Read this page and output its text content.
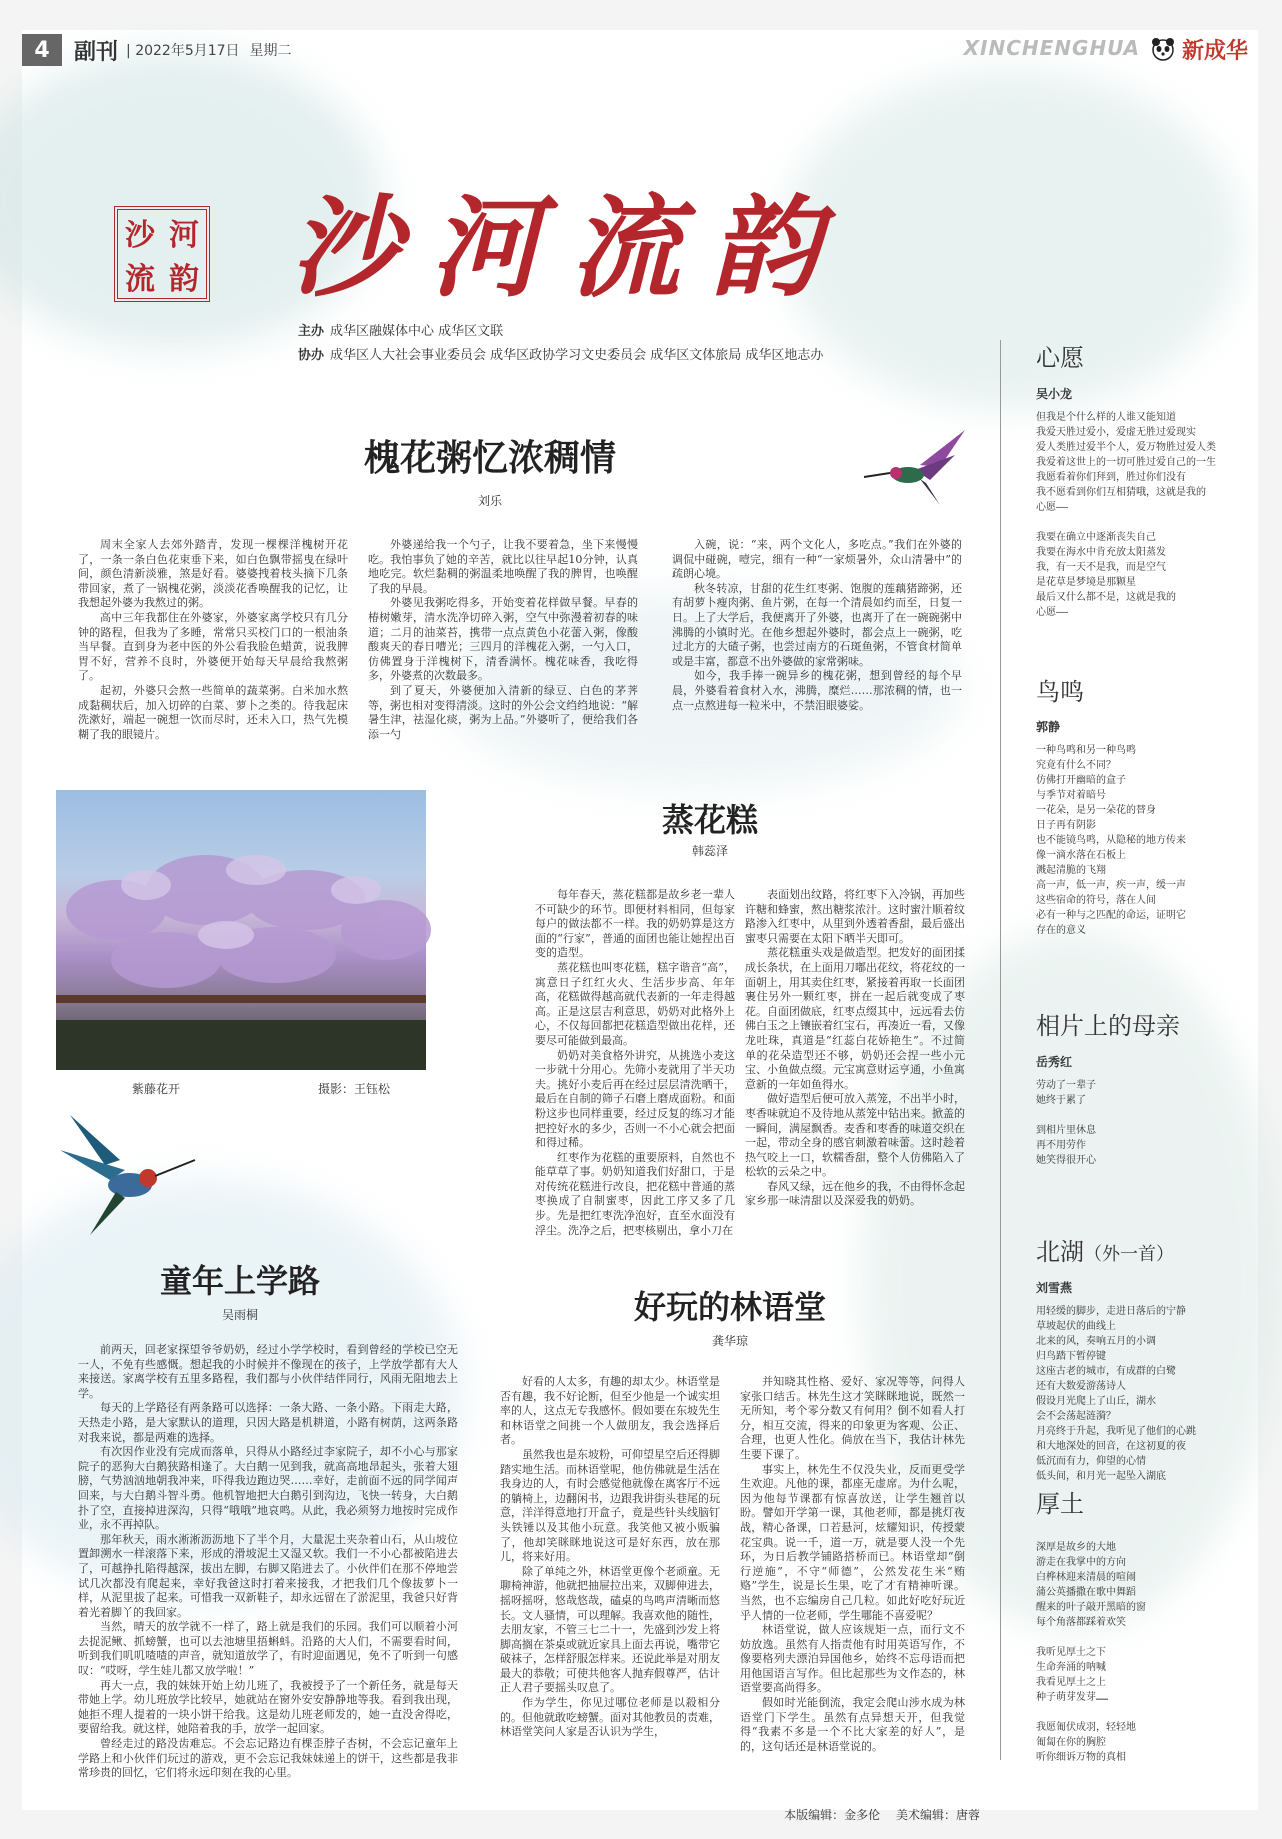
4	副刊 | 2022年5月17日 星期二	XINCHENGHUA 新成华
沙河流韵
沙 河
流 韵
主办 成华区融媒体中心 成华区文联
协办 成华区人大社会事业委员会 成华区政协学习文史委员会 成华区文体旅局 成华区地志办
槐花粥忆浓稠情
刘乐

周末全家人去郊外踏青，发现一棵棵洋槐树开花了，一条一条白色花束垂下来，如白色飘带摇曳在绿叶间，颜色清新淡雅，煞是好看。婆婆拽着枝头摘下几条带回家，煮了一锅槐花粥，淡淡花香唤醒我的记忆，让我想起外婆为我熬过的粥。

高中三年我都住在外婆家，外婆家离学校只有几分钟的路程，但我为了多睡，常常只买校门口的一根油条当早餐。直到身为老中医的外公看我脸色蜡黄，说我脾胃不好，营养不良时，外婆便开始每天早晨给我熬粥了。

起初，外婆只会熬一些简单的蔬菜粥。白米加水熬成黏稠状后，加入切碎的白菜、萝卜之类的。待我起床洗漱好，端起一碗想一饮而尽时，还未入口，热气先模糊了我的眼镜片。

外婆递给我一个勺子，让我不要着急，坐下来慢慢吃。我怕事负了她的辛苦，就比以往早起10分钟，认真地吃完。软烂黏稠的粥温柔地唤醒了我的脾胃，也唤醒了我的早晨。

外婆见我粥吃得多，开始变着花样做早餐。早春的椿树嫩芽，清水洗净切碎入粥，空气中弥漫着初春的味道；二月的油菜苔，携带一点点黄色小花蕾入粥，像酸酸爽天的春日嘈光；三四月的洋槐花入粥，一勺入口，仿佛置身于洋槐树下，清香满怀。槐花味香，我吃得多，外婆煮的次数最多。

到了夏天，外婆便加入清新的绿豆、白色的茅荠等，粥也相对变得清淡。这时的外公会文绉绉地说：“解暑生津，祛湿化痰，粥为上品。”外婆听了，便给我们各添一勺

入碗，说：“来，两个文化人，多吃点。”我们在外婆的调侃中碰碗，噎完，细有一种“一家烦暑外，众山清暑中”的疏朗心境。

秋冬转凉，甘甜的花生红枣粥、饱腹的莲藕猪蹄粥，还有胡萝卜瘦肉粥、鱼片粥，在每一个清晨如约而至，日复一日。上了大学后，我便离开了外婆，也离开了在一碗碗粥中沸腾的小镇时光。在他乡想起外婆时，都会点上一碗粥，吃过北方的大碴子粥，也尝过南方的石斑鱼粥，不管食材简单或是丰富，都意不出外婆做的家常粥味。

如今，我手捧一碗异乡的槐花粥，想到曾经的每个早晨，外婆看着食材入水，沸腾，糜烂……那浓稠的情，也一点一点熬进每一粒米中，不禁泪眼婆娑。

紫藤花开	摄影：王钰松
蒸花糕
韩蕊泽

每年春天，蒸花糕都是故乡老一辈人不可缺少的环节。即便材料相同，但每家每户的做法都不一样。我的奶奶算是这方面的“行家”，普通的面团也能让她捏出百变的造型。

蒸花糕也叫枣花糕，糕字谐音“高”，寓意日子红红火火、生活步步高、年年高，花糕做得越高就代表新的一年走得越高。正是这层吉利意思，奶奶对此格外上心，不仅每回都把花糕造型做出花样，还要尽可能做到最高。

奶奶对美食格外讲究，从挑选小麦这一步就十分用心。先筛小麦就用了半天功夫。挑好小麦后再在经过层层清洗晒干，最后在自制的筛子石磨上磨成面粉。和面粉这步也同样重要，经过反复的练习才能把控好水的多少，否则一不小心就会把面和得过稀。

红枣作为花糕的重要原料，自然也不能草草了事。奶奶知道我们好甜口，于是对传统花糕进行改良，把花糕中普通的蒸枣换成了自制蜜枣，因此工序又多了几步。先是把红枣洗净泡好，直至水面没有浮尘。洗净之后，把枣核剔出，拿小刀在

表面划出纹路，将红枣下入冷锅，再加些许糖和蜂蜜，熬出糖浆浓汁。这时蜜汁顺着纹路渗入红枣中，从里到外透着香甜，最后盛出蜜枣只需要在太阳下晒半天即可。

蒸花糕重头戏是做造型。把发好的面团揉成长条状，在上面用刀嘟出花纹，将花纹的一面朝上，用其卖住红枣，紧接着再取一长面团裹住另外一颗红枣，拼在一起后就变成了枣花。自面团做底，红枣点缀其中，远远看去仿佛白玉之上镶嵌着红宝石，再凑近一看，又像龙吐珠，真道是“红蕊白花娇艳生”。不过简单的花朵造型还不够，奶奶还会捏一些小元宝、小鱼做点缀。元宝寓意财运亨通，小鱼寓意新的一年如鱼得水。

做好造型后便可放入蒸笼，不出半小时，枣香味就迫不及待地从蒸笼中钻出来。掀盖的一瞬间，满屋飘香。麦香和枣香的味道交织在一起，带动全身的感官刺激着味蕾。这时趁着热气咬上一口，软糯香甜，整个人仿佛陷入了松软的云朵之中。

春风又绿，远在他乡的我，不由得怀念起家乡那一味清甜以及深爱我的奶奶。

童年上学路
吴雨桐

前两天，回老家探望爷爷奶奶，经过小学学校时，看到曾经的学校已空无一人，不免有些感慨。想起我的小时候并不像现在的孩子，上学放学都有大人来接送。家离学校有五里多路程，我们都与小伙伴结伴同行，风雨无阻地去上学。

每天的上学路径有两条路可以选择：一条大路、一条小路。下雨走大路，天热走小路，是大家默认的道理，只因大路是机耕道，小路有树荫，这两条路对我来说，都是两难的选择。

有次因作业没有完成而落单，只得从小路经过李家院子，却不小心与那家院子的恶狗大白鹅狭路相逢了。大白鹅一见到我，就高高地昂起头，张着大翅膀，气势汹汹地朝我冲来，吓得我边跑边哭……幸好，走前面不远的同学闻声回来，与大白鹅斗智斗勇。他机智地把大白鹅引到沟边，飞快一转身，大白鹅扑了空，直接掉进深沟，只得“哦哦”地哀鸣。从此，我必须努力地按时完成作业，永不再掉队。

那年秋天，雨水淅淅沥沥地下了半个月，大量泥土夹杂着山石，从山坡位置卸溯水一样滚落下来，形成的滑坡泥土又湿又软。我们一不小心都被陷进去了，可越挣扎陷得越深，拔出左脚，右脚又陷进去了。小伙伴们在那不停地尝试几次都没有爬起来，幸好我爸这时打着来接我，才把我们几个像拔萝卜一样，从泥里拔了起来。可惜我一双新鞋子，却永远留在了淤泥里，我爸只好背着光着脚丫的我回家。

当然，晴天的放学就不一样了，路上就是我们的乐园。我们可以顺着小河去捉泥鳅、抓螃蟹，也可以去池塘里捂蝌蚪。沿路的大人们，不需要看时间，听到我们叽叽喳喳的声音，就知道放学了，有时迎面遇见，免不了听到一句感叹：“哎呀，学生娃儿都又放学啦！”

再大一点，我的妹妹开始上幼儿班了，我被授予了一个新任务，就是每天带她上学。幼儿班放学比较早，她就站在窗外安安静静地等我。看到我出现，她拒不理人提着的一块小饼干给我。这是幼儿班老师发的，她一直没舍得吃，要留给我。就这样，她陪着我的手，放学一起回家。

曾经走过的路没齿难忘。不会忘记路边有棵歪脖子杏树，不会忘记童年上学路上和小伙伴们玩过的游戏，更不会忘记我妹妹递上的饼干，这些都是我非常珍贵的回忆，它们将永远印刻在我的心里。

好玩的林语堂
龚华琼

好看的人太多，有趣的却太少。林语堂是否有趣，我不好论断，但至少他是一个诚实坦率的人，这点无专我感怀。假如要在东坡先生和林语堂之间挑一个人做朋友，我会选择后者。

虽然我也是东坡粉，可仰望星空后还得脚踏实地生活。而林语堂呢，他仿佛就是生活在我身边的人，有时会感觉他就像在离客厅不远的躺椅上，边翻闲书，边跟我讲街头巷尾的玩意，洋洋得意地打开盒子，竟是些针头线脑钉头铁锤以及其他小玩意。我笑他又被小贩骗了，他却笑眯眯地说这可是好东西，放在那儿，将来好用。

除了单纯之外，林语堂更像个老顽童。无聊椅神游，他就把抽屉拉出来，双脚伸进去，摇呀摇呀，悠哉悠哉，磕桌的鸟鸣声清晰而悠长。文人骚情，可以理解。我喜欢他的随性，去朋友家，不管三七二十一，先盛到沙发上将脚高搁在茶桌或就近家具上面去再说，嘴带它破袜子，怎样舒服怎样来。还说此举是对朋友最大的恭敬；可使共他客人抛弃假尊严，估计正人君子要摇头叹息了。

作为学生，你见过哪位老师是以殺相分的。但他就敢吃螃蟹。面对其他教员的责难，林语堂笑问人家是否认识为学生，

并知晓其性格、爱好、家况等等，问得人家张口结舌。林先生这才笑眯眯地说，既然一无所知，考个零分数又有何用？倒不如看人打分，相互交流，得来的印象更为客观、公正、合理，也更人性化。倘放在当下，我估计林先生要下课了。

事实上，林先生不仅没失业，反而更受学生欢迎。凡他的课，都座无虚席。为什么呢，因为他每节课都有惊喜放送，让学生翘首以盼。譬如开学第一课，其他老师，都是挑灯夜战，精心备课，口若悬河，炫耀知识，传授蒙花宝典。说一千，道一万，就是要人没一个先环，为日后教学铺路搭桥而已。林语堂却“倒行逆施”，不守“师德”，公然发花生米“贿赂”学生，说是长生果，吃了才有精神听课。当然，也不忘编房自己几粒。如此好吃好玩近乎人情的一位老师，学生哪能不喜爱呢？

林语堂说，做人应该规矩一点，而行文不妨放逸。虽然有人指责他有时用英语写作，不像要格列夫漂泊异国他乡，始终不忘母语而把用他国语言写作。但比起那些为文作态的，林语堂要高尚得多。

假如时光能倒流，我定会爬山涉水成为林语堂门下学生。虽然有点异想天开，但我觉得“我素不多是一个不比大家差的好人”，是的，这句话还是林语堂说的。

心愿
吴小龙
但我是个什么样的人谁又能知道
我爱天胜过爱小，爱虚无胜过爱现实
爱人类胜过爱半个人，爱万物胜过爱人类
我爱着这世上的一切可胜过爱自己的一生
我愿看着你们拜到，胜过你们没有
我不愿看到你们互相猜哦，这就是我的
心愿——

我要在确立中逐渐丧失自己
我要在海水中肯充放太阳蒸发
我，有一天不是我，而是空气
是花草是梦境是那颗星
最后又什么都不是，这就是我的
心愿——
鸟鸣
郭静
一种鸟鸣和另一种鸟鸣
究竟有什么不同？
仿佛打开幽暗的盒子
与季节对着暗号
一花朵，是另一朵花的替身
日子再有阴影
也不能镜鸟鸣，从隐秘的地方传来
像一滴水落在石板上
溅起清脆的飞翔
高一声，低一声，疾一声，缓一声
这些宿命的符号，落在人间
必有一种与之匹配的命运，证明它
存在的意义
相片上的母亲
岳秀红
劳动了一辈子
她终于累了

到相片里休息
再不用劳作
她笑得很开心
北湖（外一首）
刘雪燕
用轻缓的脚步，走进日落后的宁静
草坡起伏的曲线上
北来的风，奏响五月的小调
归鸟踏下暂停键
这座古老的城市，有成群的白鹭
还有大数爱游荡诗人
假设月光爬上了山丘，湖水
会不会荡起涟漪？
月亮终于升起，我听见了他们的心跳
和大地深处的回音，在这初夏的夜
低沉而有力，仰望的心情
低头间，和月光一起坠入湖底
厚土
深厚是故乡的大地
游走在我掌中的方向
白桦林迎来清晨的喧闹
蒲公英播撒在歌中舞蹈
醒来的叶子敲开黑暗的窗
每个角落都踩着欢笑

我听见厚土之下
生命奔涌的呐喊
我看见厚土之上
种子萌芽发芽……

我愿匍伏成羽，轻轻地
匍匐在你的胸腔
听你细诉万物的真相
本版编辑：金多伦 美术编辑：唐蓉
